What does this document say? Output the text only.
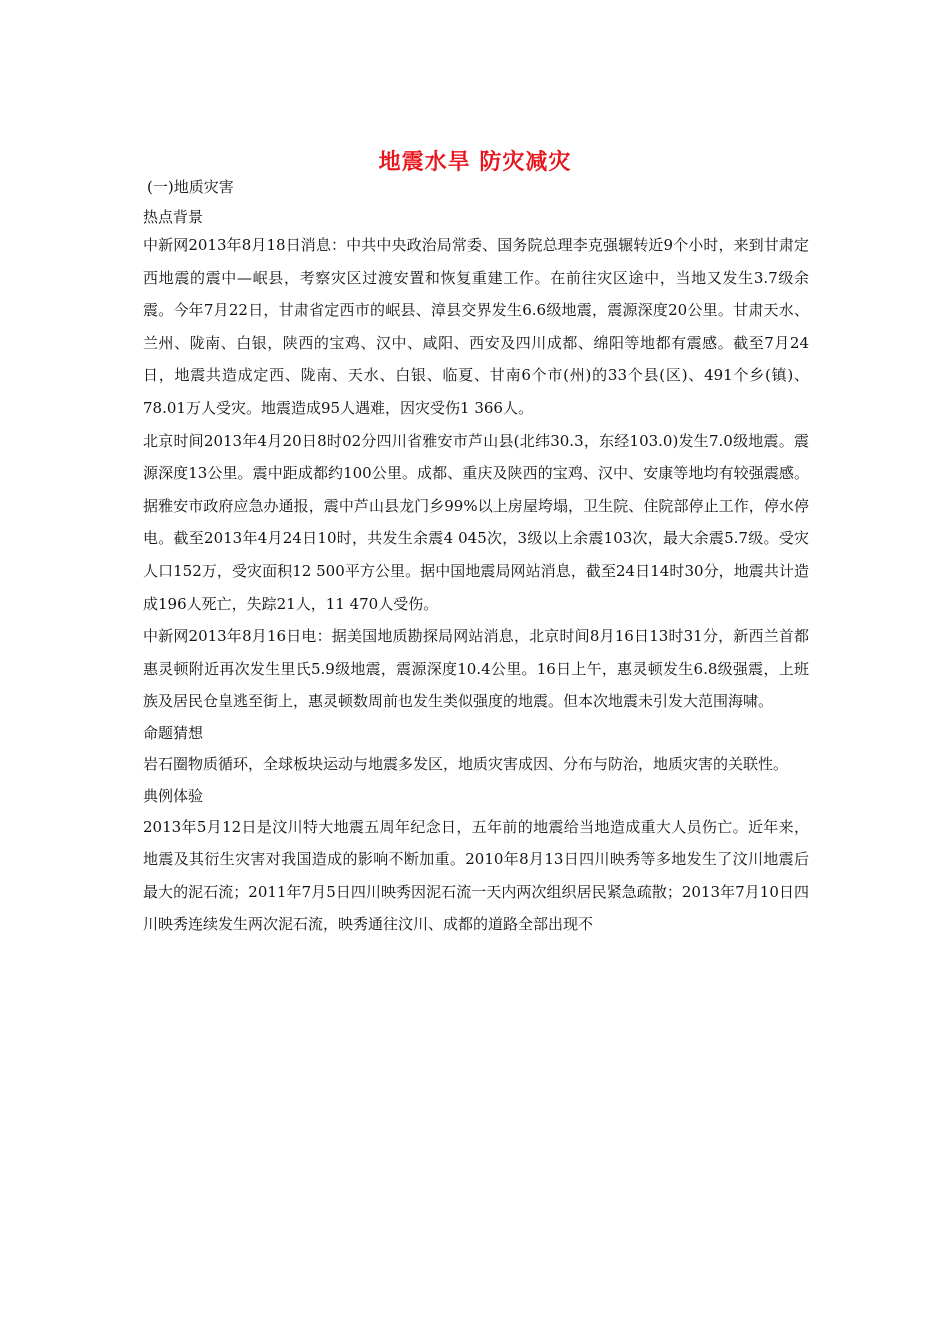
地震水旱 防灾减灾

(一)地质灾害

热点背景

中新网2013年8月18日消息：中共中央政治局常委、国务院总理李克强辗转近9个小时，来到甘肃定西地震的震中—岷县，考察灾区过渡安置和恢复重建工作。在前往灾区途中，当地又发生3.7级余震。今年7月22日，甘肃省定西市的岷县、漳县交界发生6.6级地震，震源深度20公里。甘肃天水、兰州、陇南、白银，陕西的宝鸡、汉中、咸阳、西安及四川成都、绵阳等地都有震感。截至7月24日，地震共造成定西、陇南、天水、白银、临夏、甘南6个市(州)的33个县(区)、491个乡(镇)、78.01万人受灾。地震造成95人遇难，因灾受伤1 366人。

北京时间2013年4月20日8时02分四川省雅安市芦山县(北纬30.3，东经103.0)发生7.0级地震。震源深度13公里。震中距成都约100公里。成都、重庆及陕西的宝鸡、汉中、安康等地均有较强震感。据雅安市政府应急办通报，震中芦山县龙门乡99%以上房屋垮塌，卫生院、住院部停止工作，停水停电。截至2013年4月24日10时，共发生余震4 045次，3级以上余震103次，最大余震5.7级。受灾人口152万，受灾面积12 500平方公里。据中国地震局网站消息，截至24日14时30分，地震共计造成196人死亡，失踪21人，11 470人受伤。

中新网2013年8月16日电：据美国地质勘探局网站消息，北京时间8月16日13时31分，新西兰首都惠灵顿附近再次发生里氏5.9级地震，震源深度10.4公里。16日上午，惠灵顿发生6.8级强震，上班族及居民仓皇逃至街上，惠灵顿数周前也发生类似强度的地震。但本次地震未引发大范围海啸。

命题猜想

岩石圈物质循环，全球板块运动与地震多发区，地质灾害成因、分布与防治，地质灾害的关联性。

典例体验

2013年5月12日是汶川特大地震五周年纪念日，五年前的地震给当地造成重大人员伤亡。近年来，地震及其衍生灾害对我国造成的影响不断加重。2010年8月13日四川映秀等多地发生了汶川地震后最大的泥石流；2011年7月5日四川映秀因泥石流一天内两次组织居民紧急疏散；2013年7月10日四川映秀连续发生两次泥石流，映秀通往汶川、成都的道路全部出现不
